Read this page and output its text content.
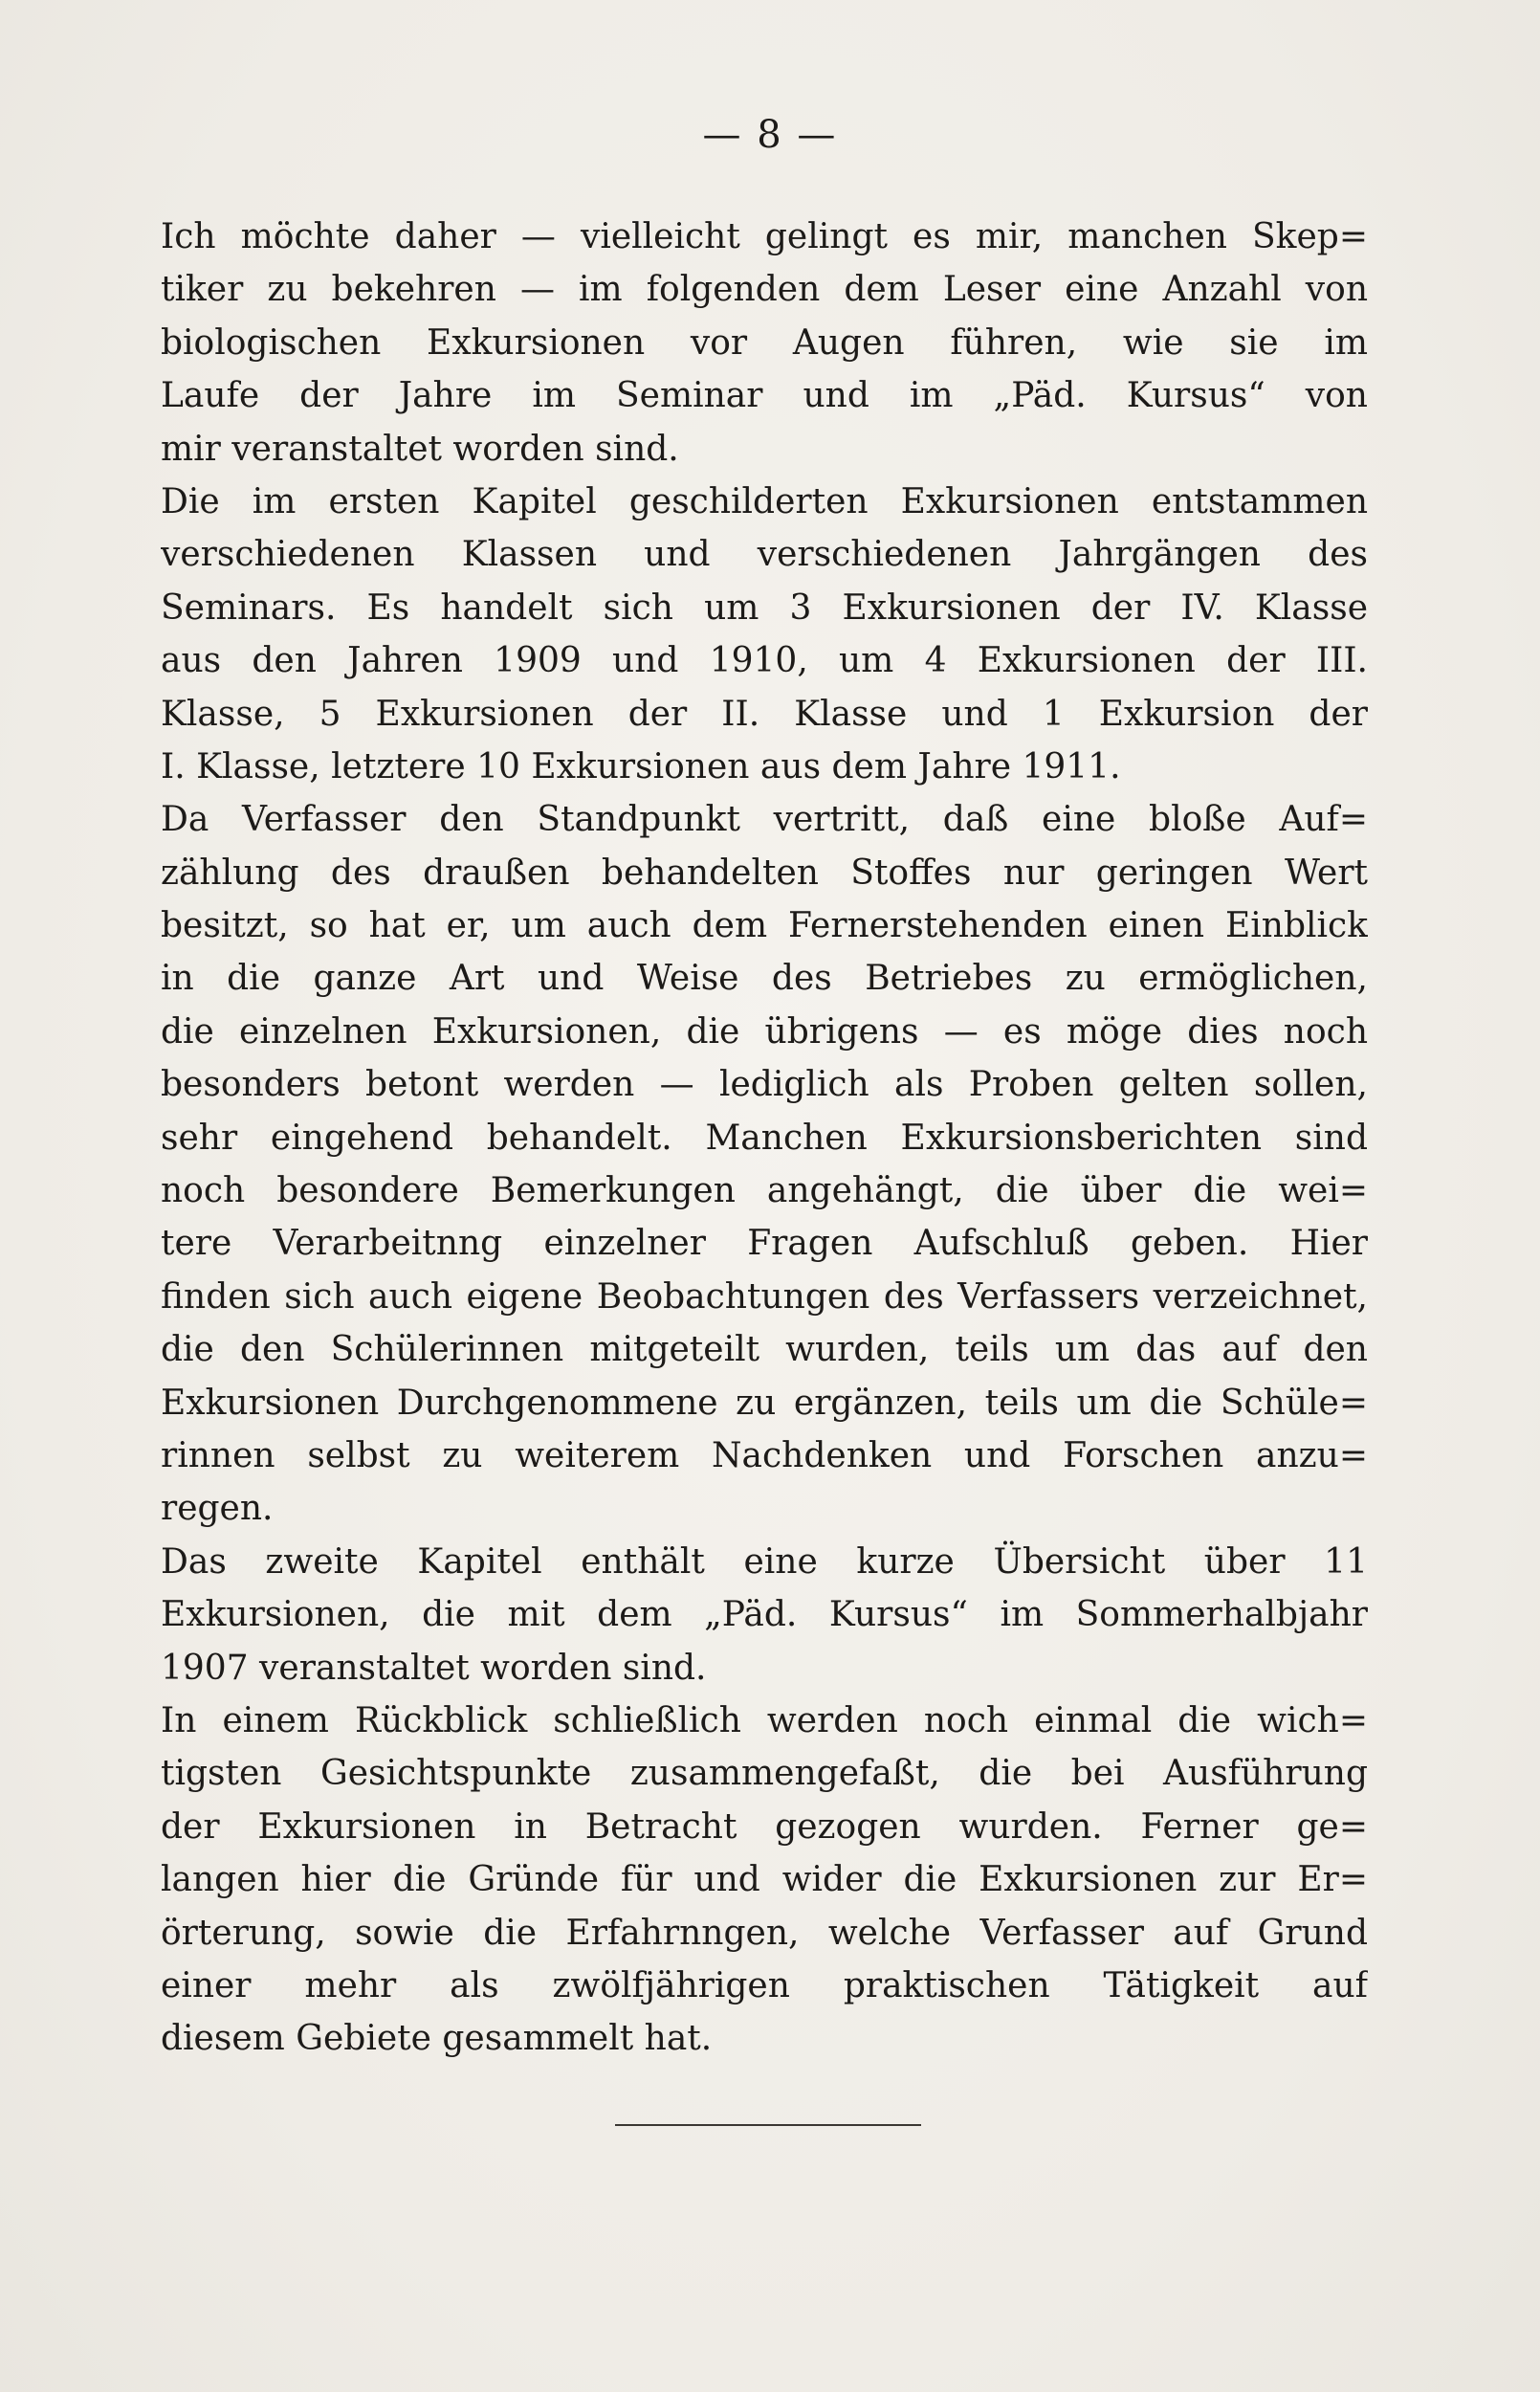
— 8 —
Ich möchte daher — vielleicht gelingt es mir, manchen Skep=
tiker zu bekehren — im folgenden dem Leser eine Anzahl von
biologischen Exkursionen vor Augen führen, wie sie im
Laufe der Jahre im Seminar und im „Päd. Kursus“ von
mir veranstaltet worden sind.
Die im ersten Kapitel geschilderten Exkursionen entstammen
verschiedenen Klassen und verschiedenen Jahrgängen des
Seminars. Es handelt sich um 3 Exkursionen der IV. Klasse
aus den Jahren 1909 und 1910, um 4 Exkursionen der III.
Klasse, 5 Exkursionen der II. Klasse und 1 Exkursion der
I. Klasse, letztere 10 Exkursionen aus dem Jahre 1911.
Da Verfasser den Standpunkt vertritt, daß eine bloße Auf=
zählung des draußen behandelten Stoffes nur geringen Wert
besitzt, so hat er, um auch dem Fernerstehenden einen Einblick
in die ganze Art und Weise des Betriebes zu ermöglichen,
die einzelnen Exkursionen, die übrigens — es möge dies noch
besonders betont werden — lediglich als Proben gelten sollen,
sehr eingehend behandelt. Manchen Exkursionsberichten sind
noch besondere Bemerkungen angehängt, die über die wei=
tere Verarbeitnng einzelner Fragen Aufschluß geben. Hier
finden sich auch eigene Beobachtungen des Verfassers verzeichnet,
die den Schülerinnen mitgeteilt wurden, teils um das auf den
Exkursionen Durchgenommene zu ergänzen, teils um die Schüle=
rinnen selbst zu weiterem Nachdenken und Forschen anzu=
regen.
Das zweite Kapitel enthält eine kurze Übersicht über 11
Exkursionen, die mit dem „Päd. Kursus“ im Sommerhalbjahr
1907 veranstaltet worden sind.
In einem Rückblick schließlich werden noch einmal die wich=
tigsten Gesichtspunkte zusammengefaßt, die bei Ausführung
der Exkursionen in Betracht gezogen wurden. Ferner ge=
langen hier die Gründe für und wider die Exkursionen zur Er=
örterung, sowie die Erfahrnngen, welche Verfasser auf Grund
einer mehr als zwölfjährigen praktischen Tätigkeit auf
diesem Gebiete gesammelt hat.
